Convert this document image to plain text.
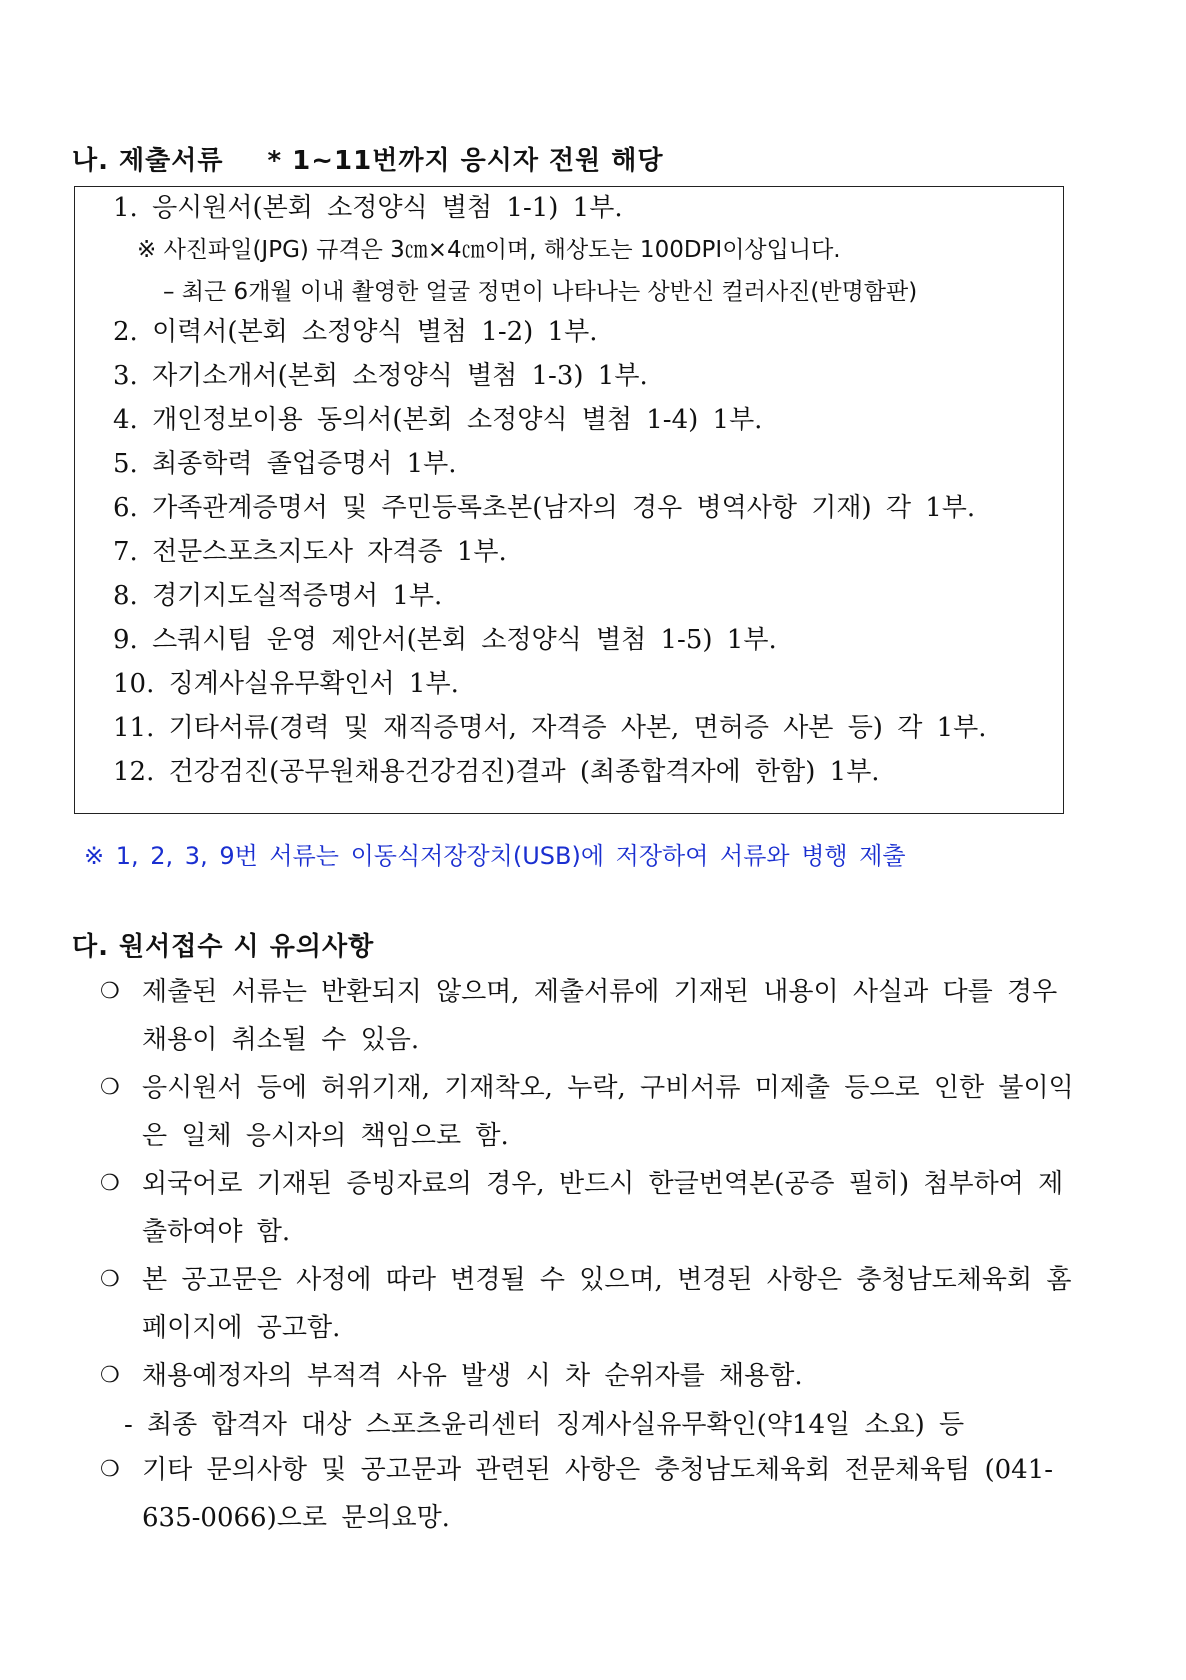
나. 제출서류 * 1~11번까지 응시자 전원 해당
1. 응시원서(본회 소정양식 별첨 1-1) 1부.
※ 사진파일(JPG) 규격은 3㎝×4㎝이며, 해상도는 100DPI이상입니다.
– 최근 6개월 이내 촬영한 얼굴 정면이 나타나는 상반신 컬러사진(반명함판)
2. 이력서(본회 소정양식 별첨 1-2) 1부.
3. 자기소개서(본회 소정양식 별첨 1-3) 1부.
4. 개인정보이용 동의서(본회 소정양식 별첨 1-4) 1부.
5. 최종학력 졸업증명서 1부.
6. 가족관계증명서 및 주민등록초본(남자의 경우 병역사항 기재) 각 1부.
7. 전문스포츠지도사 자격증 1부.
8. 경기지도실적증명서 1부.
9. 스쿼시팀 운영 제안서(본회 소정양식 별첨 1-5) 1부.
10. 징계사실유무확인서 1부.
11. 기타서류(경력 및 재직증명서, 자격증 사본, 면허증 사본 등) 각 1부.
12. 건강검진(공무원채용건강검진)결과 (최종합격자에 한함) 1부.
※ 1, 2, 3, 9번 서류는 이동식저장장치(USB)에 저장하여 서류와 병행 제출
다. 원서접수 시 유의사항
❍ 제출된 서류는 반환되지 않으며, 제출서류에 기재된 내용이 사실과 다를 경우 채용이 취소될 수 있음.
❍ 응시원서 등에 허위기재, 기재착오, 누락, 구비서류 미제출 등으로 인한 불이익은 일체 응시자의 책임으로 함.
❍ 외국어로 기재된 증빙자료의 경우, 반드시 한글번역본(공증 필히) 첨부하여 제출하여야 함.
❍ 본 공고문은 사정에 따라 변경될 수 있으며, 변경된 사항은 충청남도체육회 홈페이지에 공고함.
❍ 채용예정자의 부적격 사유 발생 시 차 순위자를 채용함.
- 최종 합격자 대상 스포츠윤리센터 징계사실유무확인(약14일 소요) 등
❍ 기타 문의사항 및 공고문과 관련된 사항은 충청남도체육회 전문체육팀 (041-635-0066)으로 문의요망.
